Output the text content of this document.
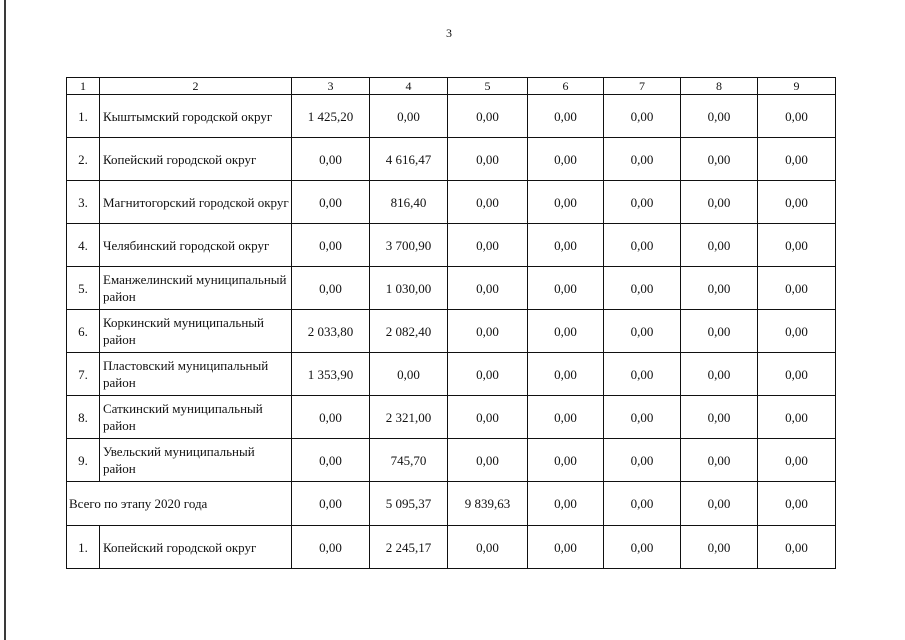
3
1	2	3	4	5	6	7	8	9
1.	Кыштымский городской округ	1 425,20	0,00	0,00	0,00	0,00	0,00	0,00
2.	Копейский городской округ	0,00	4 616,47	0,00	0,00	0,00	0,00	0,00
3.	Магнитогорский городской округ	0,00	816,40	0,00	0,00	0,00	0,00	0,00
4.	Челябинский городской округ	0,00	3 700,90	0,00	0,00	0,00	0,00	0,00
5.	Еманжелинский муниципальный район	0,00	1 030,00	0,00	0,00	0,00	0,00	0,00
6.	Коркинский муниципальный район	2 033,80	2 082,40	0,00	0,00	0,00	0,00	0,00
7.	Пластовский муниципальный район	1 353,90	0,00	0,00	0,00	0,00	0,00	0,00
8.	Саткинский муниципальный район	0,00	2 321,00	0,00	0,00	0,00	0,00	0,00
9.	Увельский муниципальный район	0,00	745,70	0,00	0,00	0,00	0,00	0,00
Всего по этапу 2020 года		0,00	5 095,37	9 839,63	0,00	0,00	0,00	0,00
1.	Копейский городской округ	0,00	2 245,17	0,00	0,00	0,00	0,00	0,00
